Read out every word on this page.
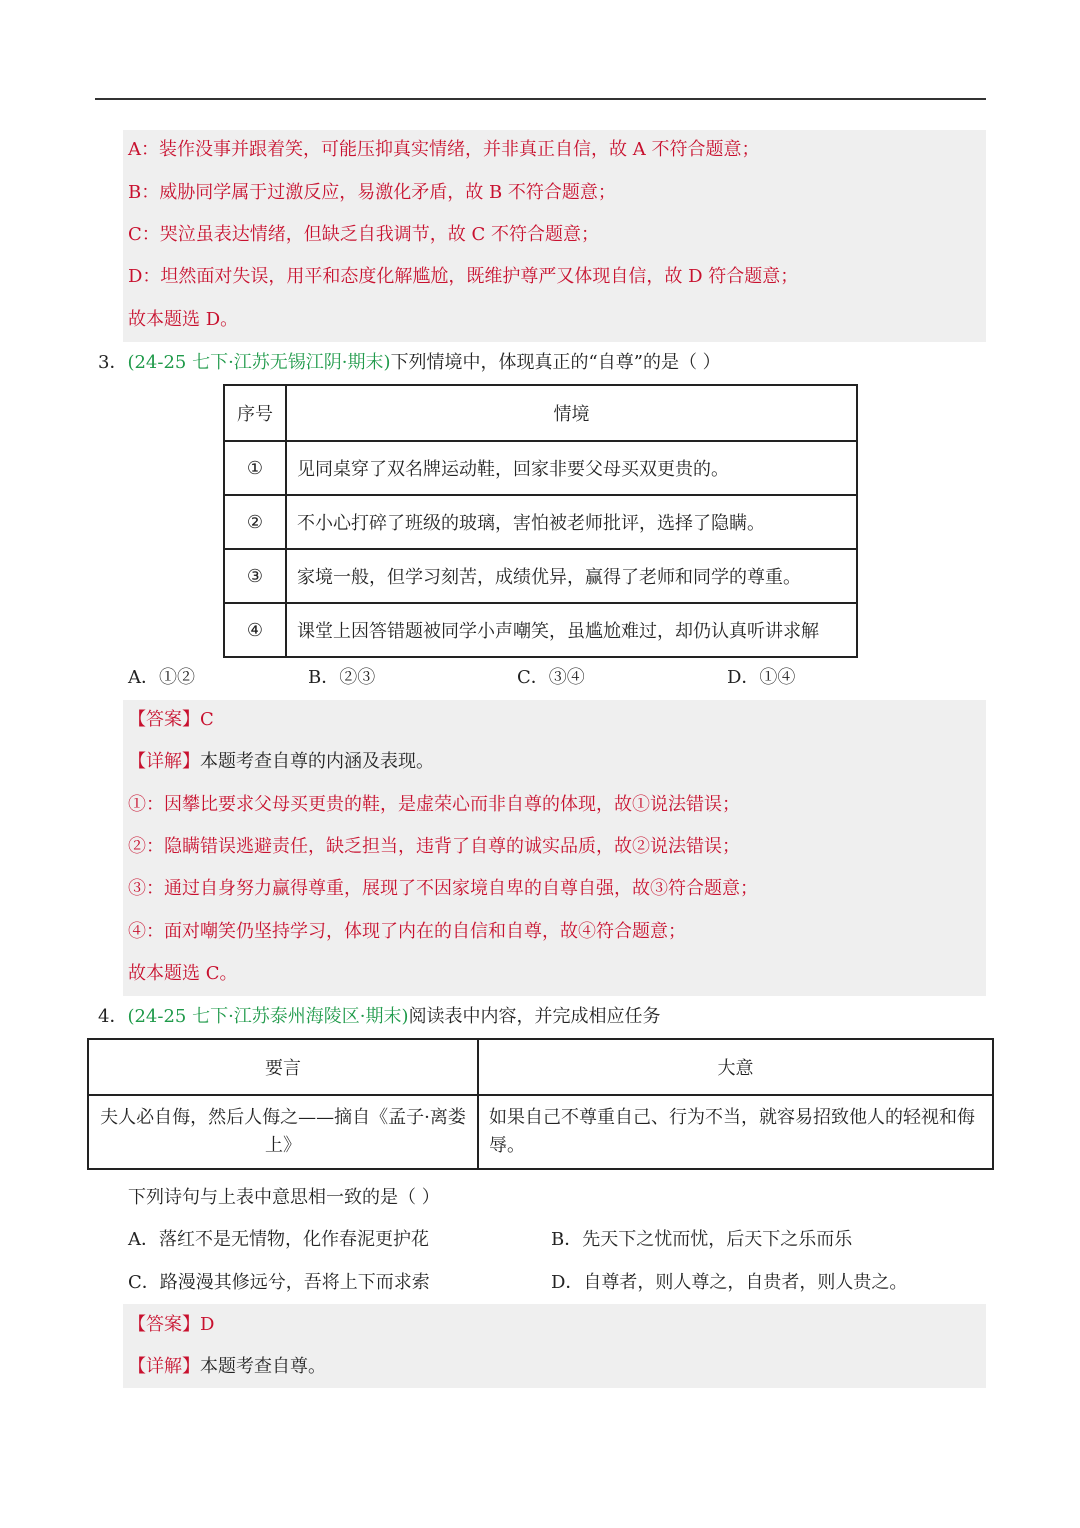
A：装作没事并跟着笑，可能压抑真实情绪，并非真正自信，故 A 不符合题意；
B：威胁同学属于过激反应，易激化矛盾，故 B 不符合题意；
C：哭泣虽表达情绪，但缺乏自我调节，故 C 不符合题意；
D：坦然面对失误，用平和态度化解尴尬，既维护尊严又体现自信，故 D 符合题意；
故本题选 D。
3．(24-25 七下·江苏无锡江阴·期末)下列情境中，体现真正的“自尊”的是（ ）
序号	情境
①	见同桌穿了双名牌运动鞋，回家非要父母买双更贵的。
②	不小心打碎了班级的玻璃，害怕被老师批评，选择了隐瞒。
③	家境一般，但学习刻苦，成绩优异，赢得了老师和同学的尊重。
④	课堂上因答错题被同学小声嘲笑，虽尴尬难过，却仍认真听讲求解
A．①②	B．②③	C．③④	D．①④
【答案】C
【详解】本题考查自尊的内涵及表现。
①：因攀比要求父母买更贵的鞋，是虚荣心而非自尊的体现，故①说法错误；
②：隐瞒错误逃避责任，缺乏担当，违背了自尊的诚实品质，故②说法错误；
③：通过自身努力赢得尊重，展现了不因家境自卑的自尊自强，故③符合题意；
④：面对嘲笑仍坚持学习，体现了内在的自信和自尊，故④符合题意；
故本题选 C。
4．(24-25 七下·江苏泰州海陵区·期末)阅读表中内容，并完成相应任务
要言	大意
夫人必自侮，然后人侮之——摘自《孟子·离娄上》	如果自己不尊重自己、行为不当，就容易招致他人的轻视和侮辱。
下列诗句与上表中意思相一致的是（ ）
A．落红不是无情物，化作春泥更护花	B．先天下之忧而忧，后天下之乐而乐
C．路漫漫其修远兮，吾将上下而求索	D．自尊者，则人尊之，自贵者，则人贵之。
【答案】D
【详解】本题考查自尊。
